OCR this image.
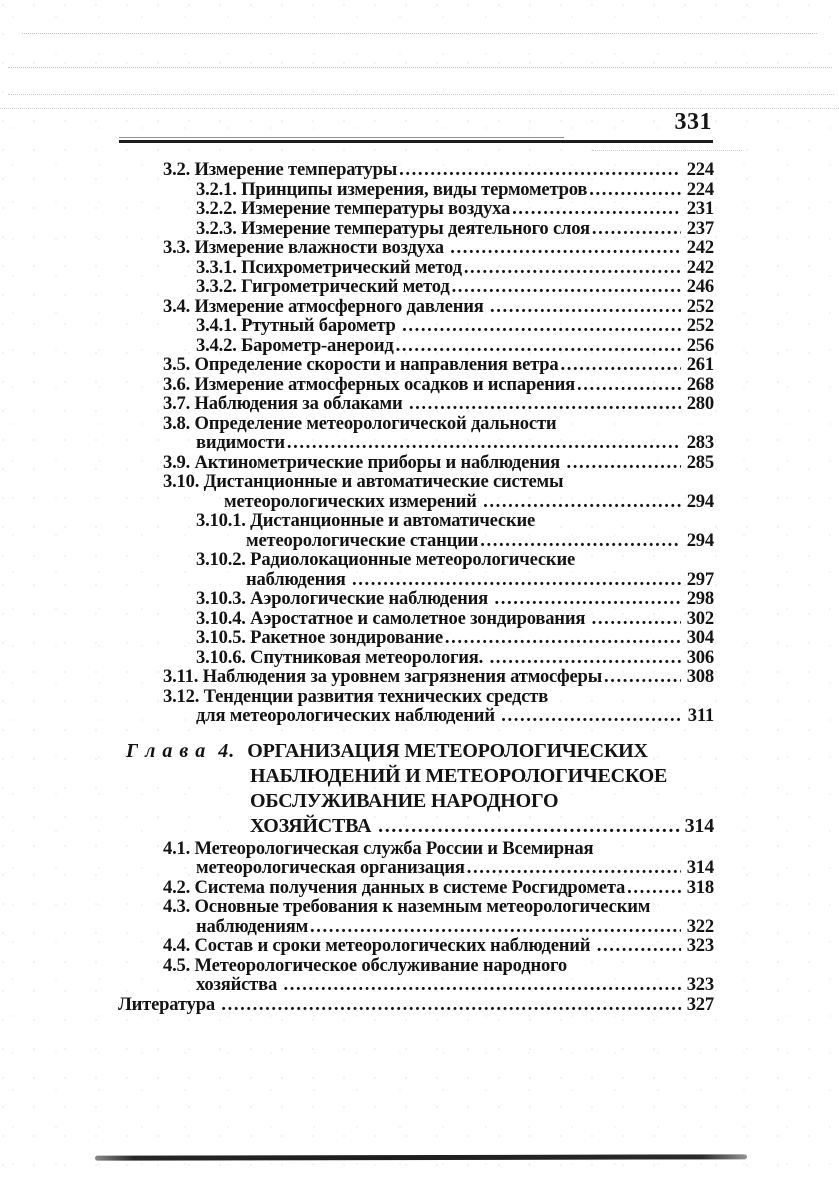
331
3.2. Измерение температуры .....	224
3.2.1. Принципы измерения, виды термометров .....	224
3.2.2. Измерение температуры воздуха .....	231
3.2.3. Измерение температуры деятельного слоя .....	237
3.3. Измерение влажности воздуха .....	242
3.3.1. Психрометрический метод .....	242
3.3.2. Гигрометрический метод .....	246
3.4. Измерение атмосферного давления .....	252
3.4.1. Ртутный барометр .....	252
3.4.2. Барометр-анероид .....	256
3.5. Определение скорости и направления ветра .....	261
3.6. Измерение атмосферных осадков и испарения .....	268
3.7. Наблюдения за облаками .....	280
3.8. Определение метеорологической дальности
видимости .....	283
3.9. Актинометрические приборы и наблюдения .....	285
3.10. Дистанционные и автоматические системы
метеорологических измерений .....	294
3.10.1. Дистанционные и автоматические
метеорологические станции .....	294
3.10.2. Радиолокационные метеорологические
наблюдения .....	297
3.10.3. Аэрологические наблюдения .....	298
3.10.4. Аэростатное и самолетное зондирования .....	302
3.10.5. Ракетное зондирование .....	304
3.10.6. Спутниковая метеорология. .....	306
3.11. Наблюдения за уровнем загрязнения атмосферы .....	308
3.12. Тенденции развития технических средств
для метеорологических наблюдений .....	311
Г л а в а  4. ОРГАНИЗАЦИЯ МЕТЕОРОЛОГИЧЕСКИХ
НАБЛЮДЕНИЙ И МЕТЕОРОЛОГИЧЕСКОЕ
ОБСЛУЖИВАНИЕ НАРОДНОГО
ХОЗЯЙСТВА .....	314
4.1. Метеорологическая служба России и Всемирная
метеорологическая организация .....	314
4.2. Система получения данных в системе Росгидромета .....	318
4.3. Основные требования к наземным метеорологическим
наблюдениям .....	322
4.4. Состав и сроки метеорологических наблюдений .....	323
4.5. Метеорологическое обслуживание народного
хозяйства .....	323
Литература .....	327
